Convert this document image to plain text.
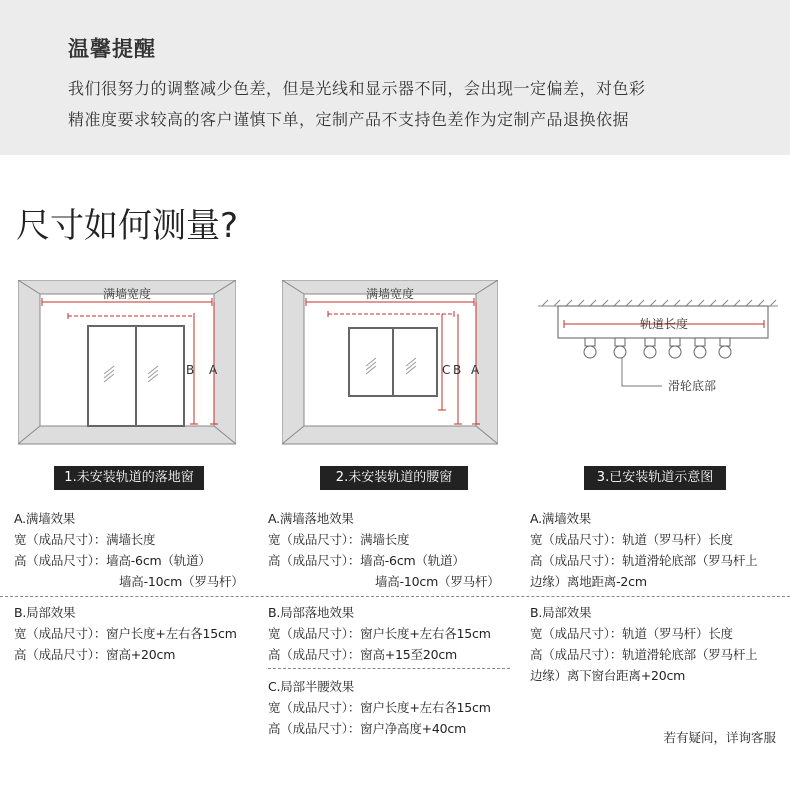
温馨提醒
我们很努力的调整减少色差，但是光线和显示器不同，会出现一定偏差，对色彩
精准度要求较高的客户谨慎下单，定制产品不支持色差作为定制产品退换依据
尺寸如何测量?
满墙宽度
B A
满墙宽度
C B A
轨道长度
滑轮底部
1.未安装轨道的落地窗	2.未安装轨道的腰窗	3.已安装轨道示意图
A.满墙效果
宽（成品尺寸）：满墙长度
高（成品尺寸）：墙高-6cm（轨道）
墙高-10cm（罗马杆）
B.局部效果
宽（成品尺寸）：窗户长度+左右各15cm
高（成品尺寸）：窗高+20cm
A.满墙落地效果
宽（成品尺寸）：满墙长度
高（成品尺寸）：墙高-6cm（轨道）
墙高-10cm（罗马杆）
B.局部落地效果
宽（成品尺寸）：窗户长度+左右各15cm
高（成品尺寸）：窗高+15至20cm
C.局部半腰效果
宽（成品尺寸）：窗户长度+左右各15cm
高（成品尺寸）：窗户净高度+40cm
A.满墙效果
宽（成品尺寸）：轨道（罗马杆）长度
高（成品尺寸）：轨道滑轮底部（罗马杆上
边缘）离地距离-2cm
B.局部效果
宽（成品尺寸）：轨道（罗马杆）长度
高（成品尺寸）：轨道滑轮底部（罗马杆上
边缘）离下窗台距离+20cm
若有疑问，详询客服
